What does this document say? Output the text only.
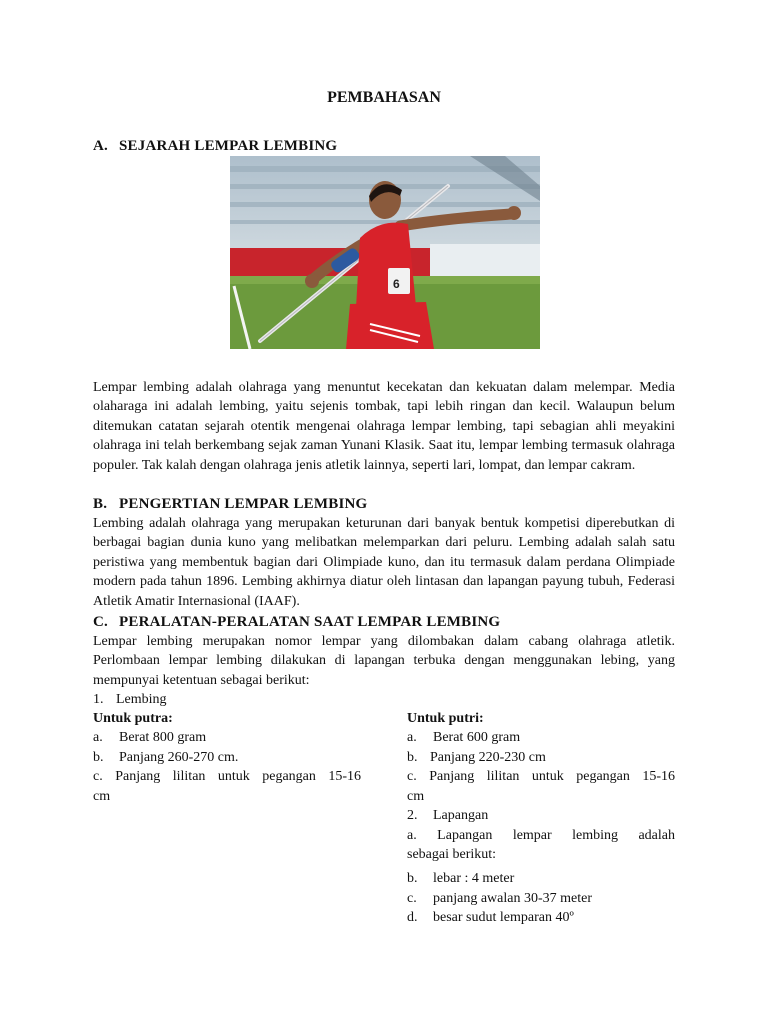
PEMBAHASAN
A. SEJARAH LEMPAR LEMBING
6
Lempar lembing adalah olahraga yang menuntut kecekatan dan kekuatan dalam melempar. Media olaharaga ini adalah lembing, yaitu sejenis tombak, tapi lebih ringan dan kecil. Walaupun belum ditemukan catatan sejarah otentik mengenai olahraga lempar lembing, tapi sebagian ahli meyakini olahraga ini telah berkembang sejak zaman Yunani Klasik. Saat itu, lempar lembing termasuk olahraga populer. Tak kalah dengan olahraga jenis atletik lainnya, seperti lari, lompat, dan lempar cakram.
B. PENGERTIAN LEMPAR LEMBING
Lembing adalah olahraga yang merupakan keturunan dari banyak bentuk kompetisi diperebutkan di berbagai bagian dunia kuno yang melibatkan melemparkan dari peluru. Lembing adalah salah satu peristiwa yang membentuk bagian dari Olimpiade kuno, dan itu termasuk dalam perdana Olimpiade modern pada tahun 1896. Lembing akhirnya diatur oleh lintasan dan lapangan payung tubuh, Federasi Atletik Amatir Internasional (IAAF).
C. PERALATAN-PERALATAN SAAT LEMPAR LEMBING
Lempar lembing merupakan nomor lempar yang dilombakan dalam cabang olahraga atletik. Perlombaan lempar lembing dilakukan di lapangan terbuka dengan menggunakan lebing, yang mempunyai ketentuan sebagai berikut:
1. Lembing
Untuk putra:
a. Berat 800 gram
b. Panjang 260-270 cm.
c. Panjang lilitan untuk pegangan 15-16
cm
Untuk putri:
a. Berat 600 gram
b. Panjang 220-230 cm
c. Panjang lilitan untuk pegangan 15-16
cm
2. Lapangan
a. Lapangan lempar lembing adalah
sebagai berikut:
b. lebar : 4 meter
c. panjang awalan 30-37 meter
d. besar sudut lemparan 40º
